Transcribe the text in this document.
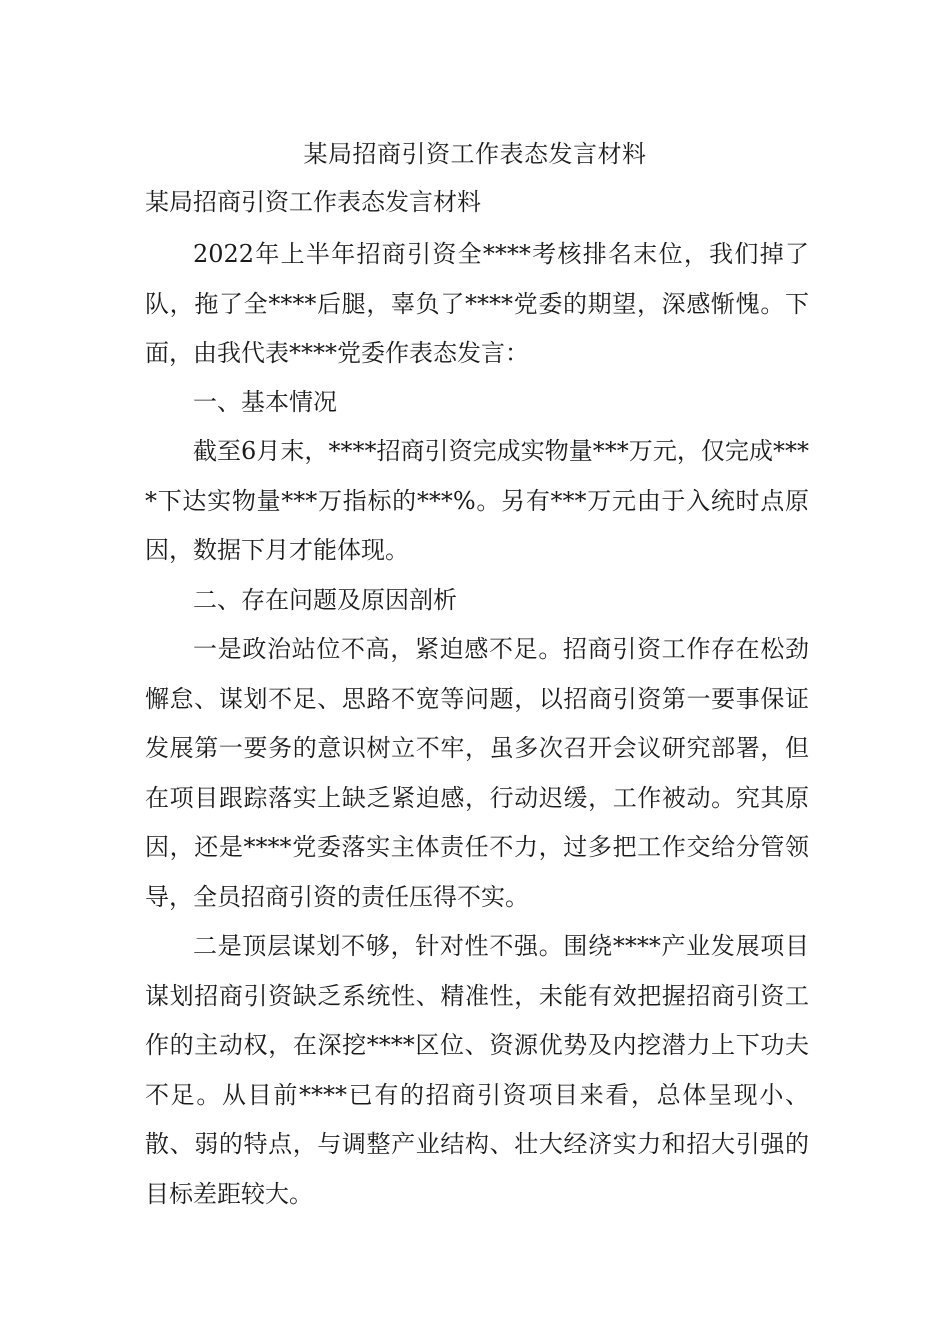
某局招商引资工作表态发言材料

某局招商引资工作表态发言材料

2022年上半年招商引资全****考核排名末位，我们掉了队，拖了全****后腿，辜负了****党委的期望，深感惭愧。下面，由我代表****党委作表态发言：

一、基本情况

截至6月末，****招商引资完成实物量***万元，仅完成****下达实物量***万指标的***%。另有***万元由于入统时点原因，数据下月才能体现。

二、存在问题及原因剖析

一是政治站位不高，紧迫感不足。招商引资工作存在松劲懈怠、谋划不足、思路不宽等问题，以招商引资第一要事保证发展第一要务的意识树立不牢，虽多次召开会议研究部署，但在项目跟踪落实上缺乏紧迫感，行动迟缓，工作被动。究其原因，还是****党委落实主体责任不力，过多把工作交给分管领导，全员招商引资的责任压得不实。

二是顶层谋划不够，针对性不强。围绕****产业发展项目谋划招商引资缺乏系统性、精准性，未能有效把握招商引资工作的主动权，在深挖****区位、资源优势及内挖潜力上下功夫不足。从目前****已有的招商引资项目来看，总体呈现小、散、弱的特点，与调整产业结构、壮大经济实力和招大引强的目标差距较大。
